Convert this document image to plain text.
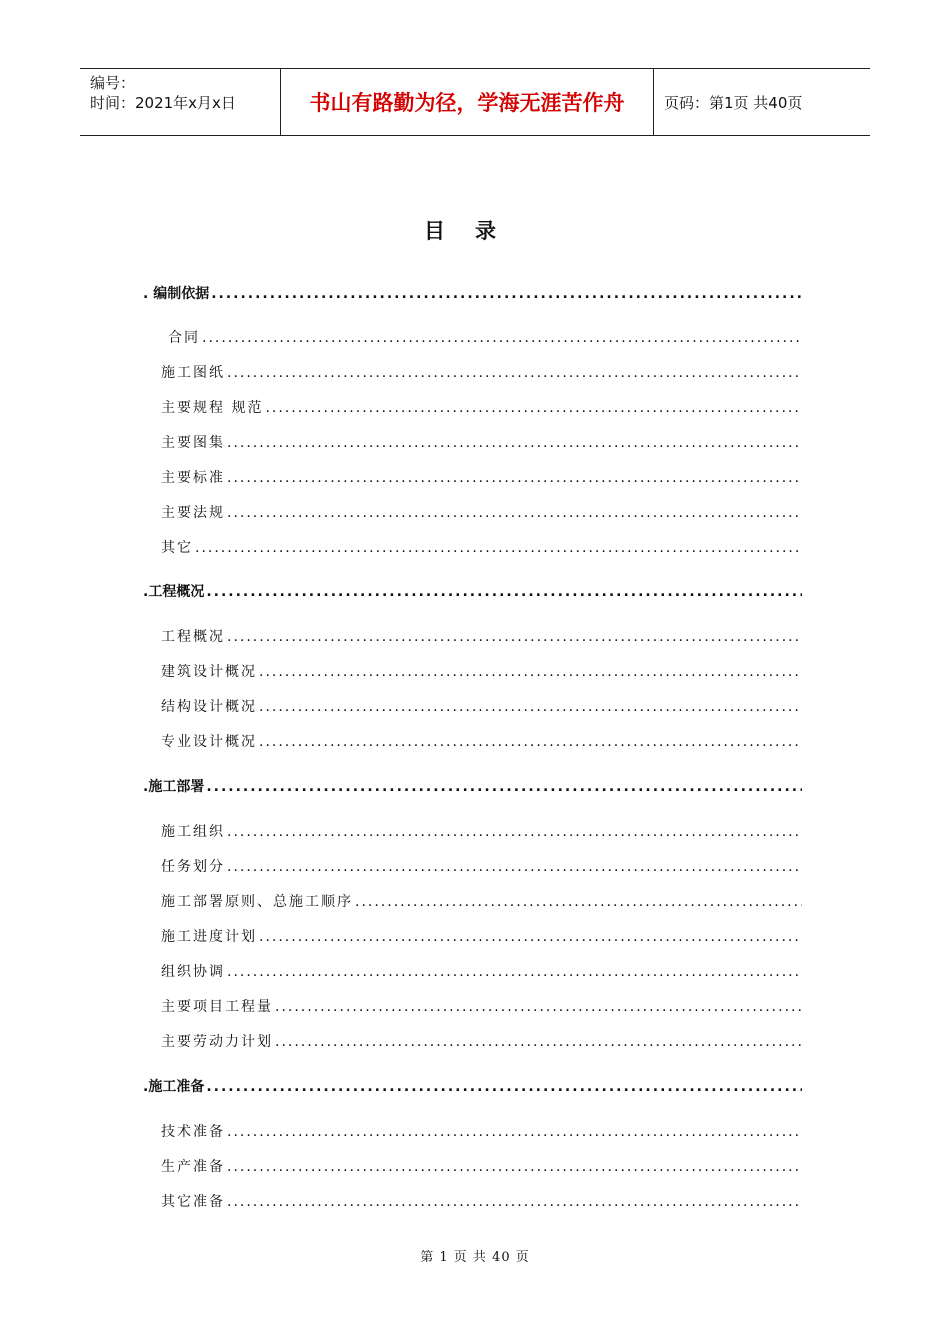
编号：
时间：2021年x月x日	书山有路勤为径，学海无涯苦作舟	页码：第1页 共40页
目录
. 编制依据
.....
合同
.....
施工图纸
.....
主要规程 规范
.....
主要图集
.....
主要标准
.....
主要法规
.....
其它
.....
.工程概况
.....
工程概况
.....
建筑设计概况
.....
结构设计概况
.....
专业设计概况
.....
.施工部署
.....
施工组织
.....
任务划分
.....
施工部署原则、总施工顺序
.....
施工进度计划
.....
组织协调
.....
主要项目工程量
.....
主要劳动力计划
.....
.施工准备
.....
技术准备
.....
生产准备
.....
其它准备
.....
第 1 页 共 40 页
